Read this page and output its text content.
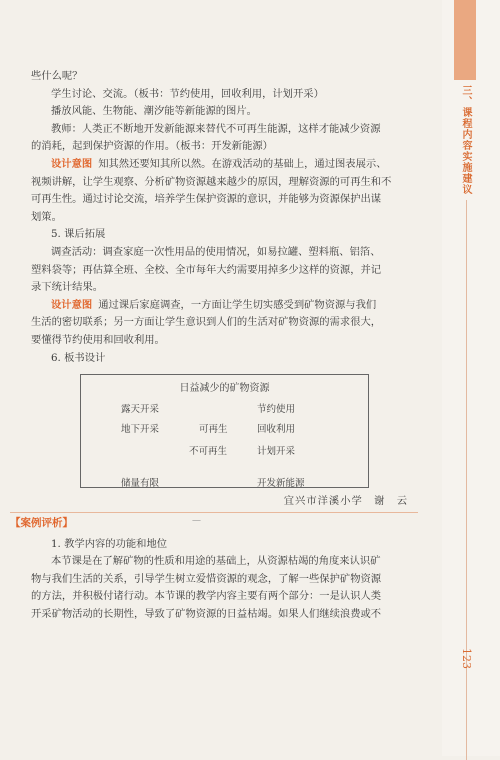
三、课程内容实施建议
123

些什么呢？

学生讨论、交流。（板书：节约使用，回收利用，计划开采）

播放风能、生物能、潮汐能等新能源的图片。

教师：人类正不断地开发新能源来替代不可再生能源，这样才能减少资源

的消耗，起到保护资源的作用。（板书：开发新能源）

设计意图 知其然还要知其所以然。在游戏活动的基础上，通过图表展示、

视频讲解，让学生观察、分析矿物资源越来越少的原因，理解资源的可再生和不

可再生性。通过讨论交流，培养学生保护资源的意识，并能够为资源保护出谋

划策。

5. 课后拓展

调查活动：调查家庭一次性用品的使用情况，如易拉罐、塑料瓶、铝箔、

塑料袋等；再估算全班、全校、全市每年大约需要用掉多少这样的资源，并记

录下统计结果。

设计意图 通过课后家庭调查，一方面让学生切实感受到矿物资源与我们

生活的密切联系；另一方面让学生意识到人们的生活对矿物资源的需求很大，

日益减少的矿物资源
露天开采
地下开采
储量有限
可再生
不可再生
节约使用
回收利用
计划开采
开发新能源
宜兴市洋溪小学　谢　云
【案例评析】	—

1. 教学内容的功能和地位

本节课是在了解矿物的性质和用途的基础上，从资源枯竭的角度来认识矿

物与我们生活的关系，引导学生树立爱惜资源的观念，了解一些保护矿物资源

的方法，并积极付诸行动。本节课的教学内容主要有两个部分：一是认识人类

开采矿物活动的长期性，导致了矿物资源的日益枯竭。如果人们继续浪费或不

要懂得节约使用和回收利用。

6. 板书设计
